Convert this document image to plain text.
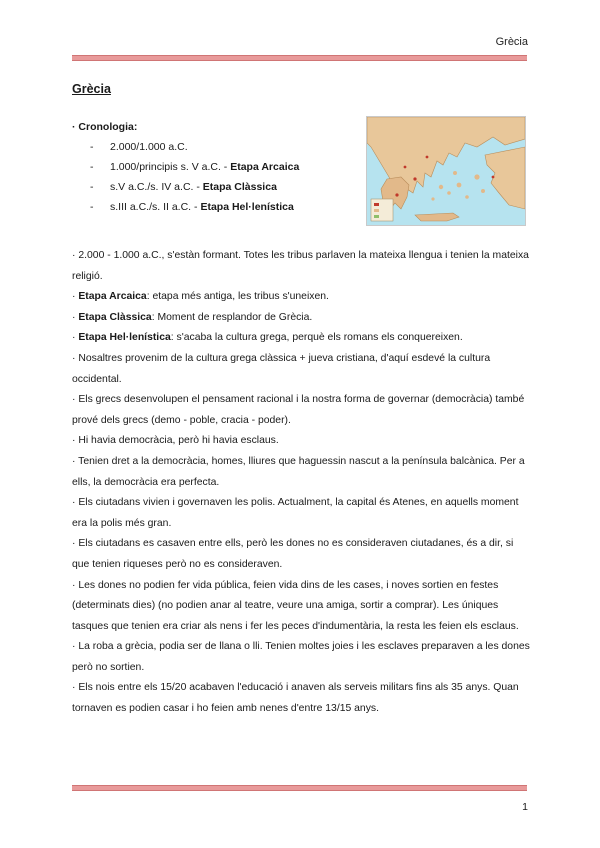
Grècia
Grècia
· Cronologia:
- 2.000/1.000 a.C.
- 1.000/principis s. V a.C. - Etapa Arcaica
- s.V a.C./s. IV a.C. - Etapa Clàssica
- s.III a.C./s. II a.C. - Etapa Hel·lenística

· 2.000 - 1.000 a.C., s'estàn formant. Totes les tribus parlaven la mateixa llengua i tenien la mateixa religió.

· Etapa Arcaica: etapa més antiga, les tribus s'uneixen.

· Etapa Clàssica: Moment de resplandor de Grècia.

· Etapa Hel·lenística: s'acaba la cultura grega, perquè els romans els conquereixen.

· Nosaltres provenim de la cultura grega clàssica + jueva cristiana, d'aquí esdevé la cultura occidental.

· Els grecs desenvolupen el pensament racional i la nostra forma de governar (democràcia) també prové dels grecs (demo - poble, cracia - poder).

· Hi havia democràcia, però hi havia esclaus.

· Tenien dret a la democràcia, homes, lliures que haguessin nascut a la península balcànica. Per a ells, la democràcia era perfecta.

· Els ciutadans vivien i governaven les polis. Actualment, la capital és Atenes, en aquells moment era la polis més gran.

· Els ciutadans es casaven entre ells, però les dones no es consideraven ciutadanes, és a dir, si que tenien riqueses però no es consideraven.

· Les dones no podien fer vida pública, feien vida dins de les cases, i noves sortien en festes (determinats dies) (no podien anar al teatre, veure una amiga, sortir a comprar). Les úniques tasques que tenien era criar als nens i fer les peces d'indumentària, la resta les feien els esclaus.

· La roba a grècia, podia ser de llana o lli. Tenien moltes joies i les esclaves preparaven a les dones però no sortien.

· Els nois entre els 15/20 acabaven l'educació i anaven als serveis militars fins als 35 anys. Quan tornaven es podien casar i ho feien amb nenes d'entre 13/15 anys.

1
